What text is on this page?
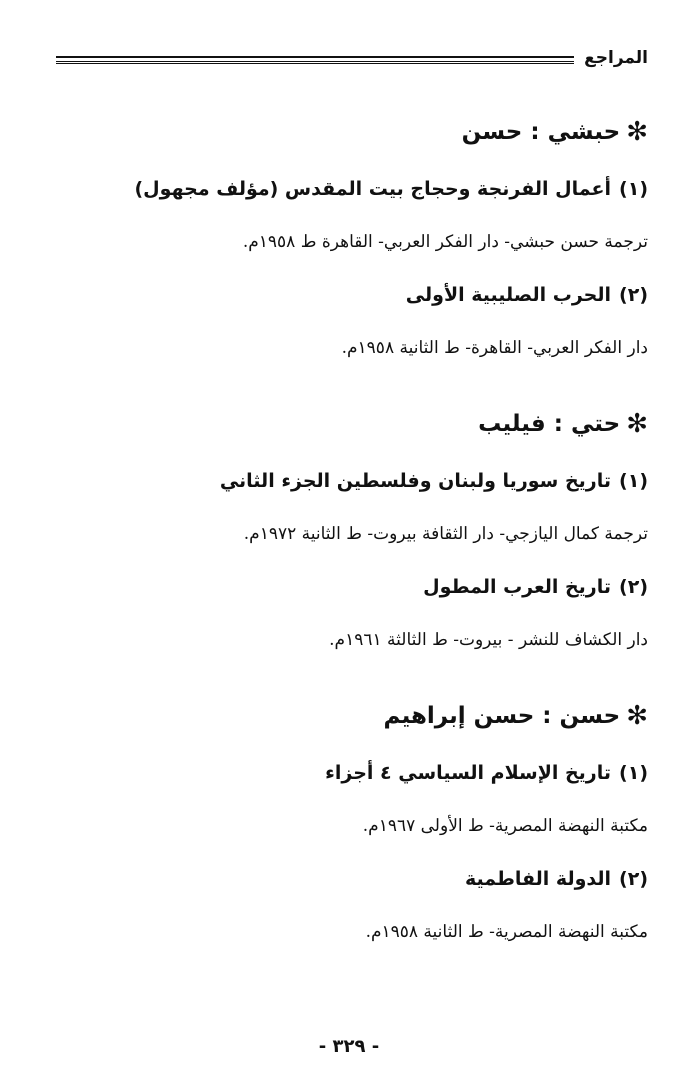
المراجع
✻
حبشي : حسن
(١)أعمال الفرنجة وحجاج بيت المقدس (مؤلف مجهول)
ترجمة حسن حبشي- دار الفكر العربي- القاهرة ط ١٩٥٨م.
(٢)الحرب الصليبية الأولى
دار الفكر العربي- القاهرة- ط الثانية ١٩٥٨م.
✻
حتي : فيليب
(١)تاريخ سوريا ولبنان وفلسطين الجزء الثاني
ترجمة كمال اليازجي- دار الثقافة بيروت- ط الثانية ١٩٧٢م.
(٢)تاريخ العرب المطول
دار الكشاف للنشر - بيروت- ط الثالثة ١٩٦١م.
✻
حسن : حسن إبراهيم
(١)تاريخ الإسلام السياسي ٤ أجزاء
مكتبة النهضة المصرية- ط الأولى ١٩٦٧م.
(٢)الدولة الفاطمية
مكتبة النهضة المصرية- ط الثانية ١٩٥٨م.
- ٣٢٩ -
